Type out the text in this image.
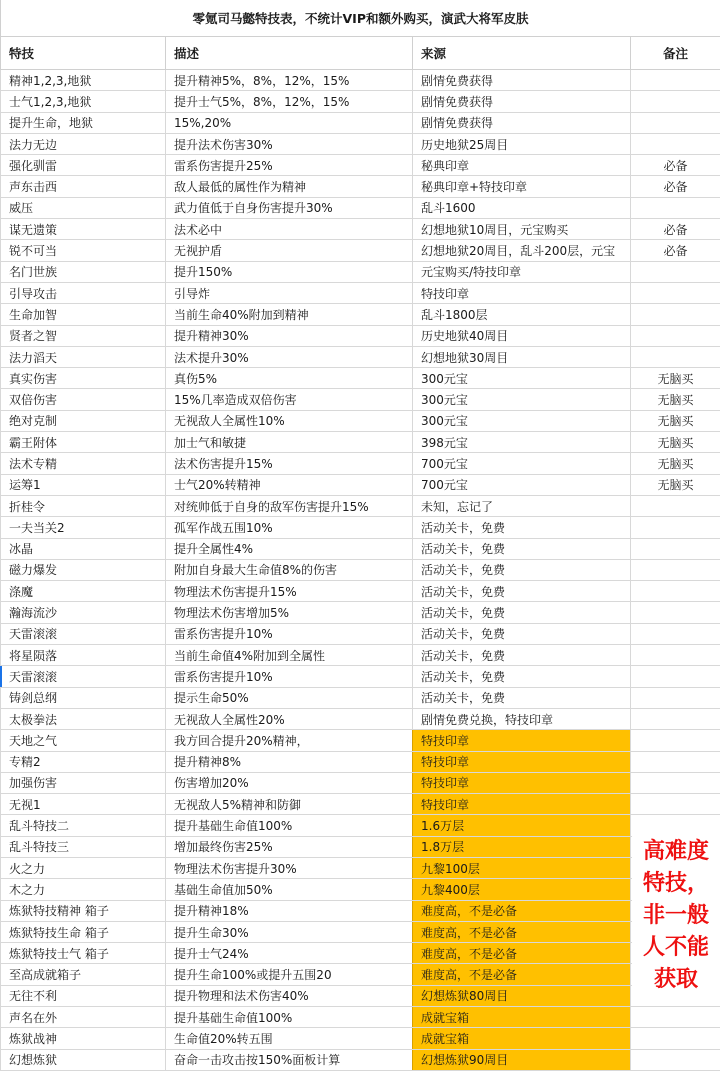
零氪司马懿特技表，不统计VIP和额外购买，演武大将军皮肤
特技	描述	来源	备注
精神1,2,3,地狱	提升精神5%，8%，12%，15%	剧情免费获得
士气1,2,3,地狱	提升士气5%，8%，12%，15%	剧情免费获得
提升生命，地狱	15%,20%	剧情免费获得
法力无边	提升法术伤害30%	历史地狱25周目
强化驯雷	雷系伤害提升25%	秘典印章	必备
声东击西	敌人最低的属性作为精神	秘典印章+特技印章	必备
威压	武力值低于自身伤害提升30%	乱斗1600
谋无遗策	法术必中	幻想地狱10周目，元宝购买	必备
锐不可当	无视护盾	幻想地狱20周目，乱斗200层，元宝	必备
名门世族	提升150%	元宝购买/特技印章
引导攻击	引导炸	特技印章
生命加智	当前生命40%附加到精神	乱斗1800层
贤者之智	提升精神30%	历史地狱40周目
法力滔天	法术提升30%	幻想地狱30周目
真实伤害	真伤5%	300元宝	无脑买
双倍伤害	15%几率造成双倍伤害	300元宝	无脑买
绝对克制	无视敌人全属性10%	300元宝	无脑买
霸王附体	加士气和敏捷	398元宝	无脑买
法术专精	法术伤害提升15%	700元宝	无脑买
运筹1	士气20%转精神	700元宝	无脑买
折桂令	对统帅低于自身的敌军伤害提升15%	未知，忘记了
一夫当关2	孤军作战五围10%	活动关卡，免费
冰晶	提升全属性4%	活动关卡，免费
磁力爆发	附加自身最大生命值8%的伤害	活动关卡，免费
涤魔	物理法术伤害提升15%	活动关卡，免费
瀚海流沙	物理法术伤害增加5%	活动关卡，免费
天雷滚滚	雷系伤害提升10%	活动关卡，免费
将星陨落	当前生命值4%附加到全属性	活动关卡，免费
天雷滚滚	雷系伤害提升10%	活动关卡，免费
铸剑总纲	提示生命50%	活动关卡，免费
太极拳法	无视敌人全属性20%	剧情免费兑换，特技印章
天地之气	我方回合提升20%精神，	特技印章
专精2	提升精神8%	特技印章
加强伤害	伤害增加20%	特技印章
无视1	无视敌人5%精神和防御	特技印章
乱斗特技二	提升基础生命值100%	1.6万层
乱斗特技三	增加最终伤害25%	1.8万层
火之力	物理法术伤害提升30%	九黎100层
木之力	基础生命值加50%	九黎400层
炼狱特技精神 箱子	提升精神18%	难度高，不是必备
炼狱特技生命 箱子	提升生命30%	难度高，不是必备
炼狱特技士气 箱子	提升士气24%	难度高，不是必备
至高成就箱子	提升生命100%或提升五围20	难度高，不是必备
无往不利	提升物理和法术伤害40%	幻想炼狱80周目
声名在外	提升基础生命值100%	成就宝箱
炼狱战神	生命值20%转五围	成就宝箱
幻想炼狱	奋命一击攻击按150%面板计算	幻想炼狱90周目
高难度
特技，
非一般
人不能
获取
